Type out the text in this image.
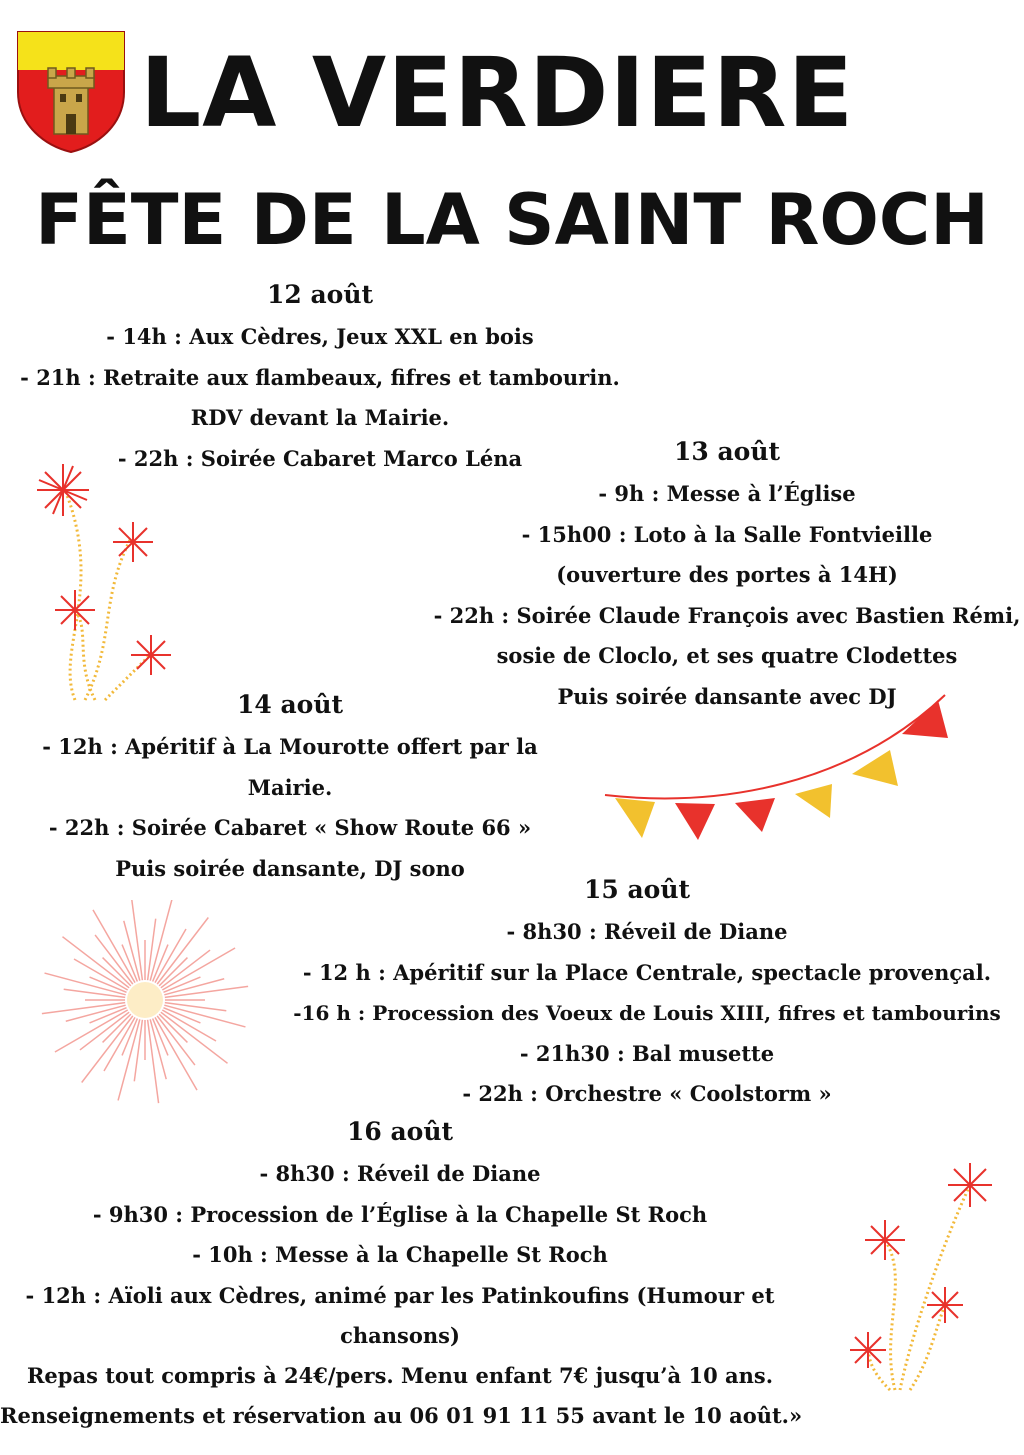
LA VERDIERE
FÊTE DE LA SAINT ROCH
12 août
- 14h : Aux Cèdres, Jeux XXL en bois
- 21h : Retraite aux flambeaux, fifres et tambourin.
RDV devant la Mairie.
- 22h : Soirée Cabaret Marco Léna	13 août
- 9h : Messe à l’Église
- 15h00 : Loto à la Salle Fontvieille
(ouverture des portes à 14H)
- 22h : Soirée Claude François avec Bastien Rémi,
sosie de Cloclo, et ses quatre Clodettes
Puis soirée dansante avec DJ
14 août
- 12h : Apéritif à La Mourotte offert par la
Mairie.
- 22h : Soirée Cabaret « Show Route 66 »
Puis soirée dansante, DJ sono
15 août
- 8h30 : Réveil de Diane
- 12 h : Apéritif sur la Place Centrale, spectacle provençal.
-16 h : Procession des Voeux de Louis XIII, fifres et tambourins
- 21h30 : Bal musette
- 22h : Orchestre « Coolstorm »
16 août
- 8h30 : Réveil de Diane
- 9h30 : Procession de l’Église à la Chapelle St Roch
- 10h : Messe à la Chapelle St Roch
- 12h : Aïoli aux Cèdres, animé par les Patinkoufins (Humour et
chansons)
Repas tout compris à 24€/pers. Menu enfant 7€ jusqu’à 10 ans.
Renseignements et réservation au 06 01 91 11 55 avant le 10 août.»
